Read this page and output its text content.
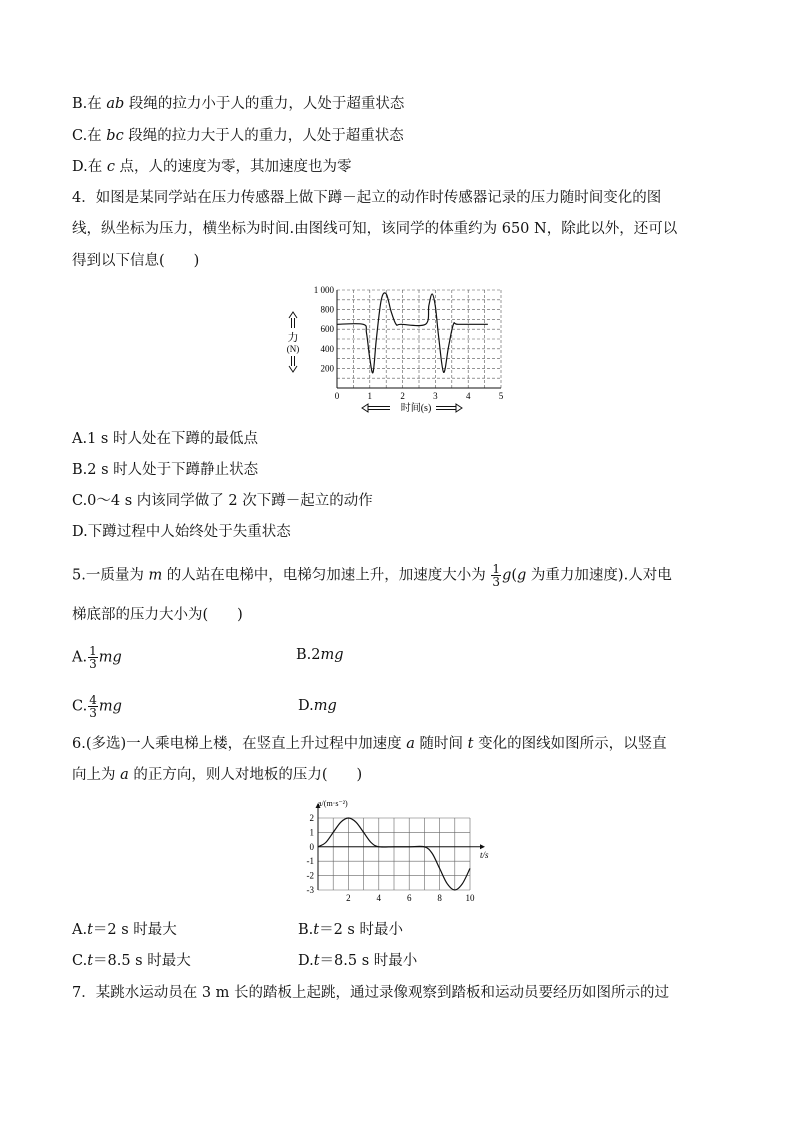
B.在 ab 段绳的拉力小于人的重力，人处于超重状态
C.在 bc 段绳的拉力大于人的重力，人处于超重状态
D.在 c 点，人的速度为零，其加速度也为零
4．如图是某同学站在压力传感器上做下蹲－起立的动作时传感器记录的压力随时间变化的图
线，纵坐标为压力，横坐标为时间.由图线可知，该同学的体重约为 650 N，除此以外，还可以
得到以下信息(　　)
0	1	2	3	4	5
200
400
600
800
1 000
力
(N)
时间(s)
A.1 s 时人处在下蹲的最低点
B.2 s 时人处于下蹲静止状态
C.0～4 s 内该同学做了 2 次下蹲－起立的动作
D.下蹲过程中人始终处于失重状态
5.一质量为 m 的人站在电梯中，电梯匀加速上升，加速度大小为 $\frac{1}{3} g(g$ 为重力加速度).人对电
梯底部的压力大小为(　　)
A. $\frac{1}{3}$ mg	B.2mg
C. $\frac{4}{3}$ mg	D.mg
6.(多选)一人乘电梯上楼，在竖直上升过程中加速度 a 随时间 t 变化的图线如图所示，以竖直
向上为 a 的正方向，则人对地板的压力(　　)
2	4	6	8	10
2
1
0
-1
-2
-3
a/(m·s⁻²)
t/s
A.t＝2 s 时最大	B.t＝2 s 时最小
C.t＝8.5 s 时最大	D.t＝8.5 s 时最小
7．某跳水运动员在 3 m 长的踏板上起跳，通过录像观察到踏板和运动员要经历如图所示的过
